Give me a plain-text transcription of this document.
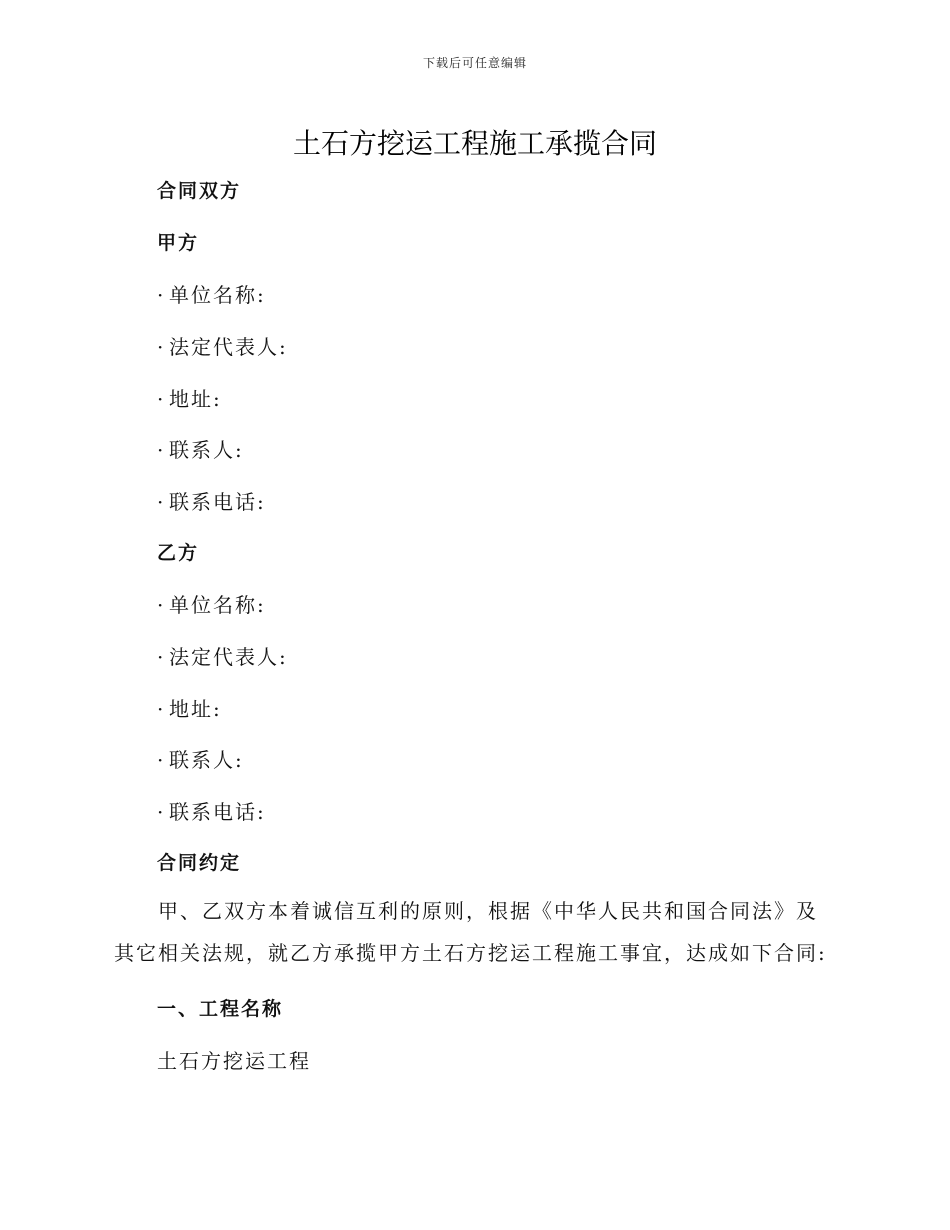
下载后可任意编辑
土石方挖运工程施工承揽合同
合同双方
甲方
· 单位名称:
· 法定代表人:
· 地址:
· 联系人:
· 联系电话:
乙方
· 单位名称:
· 法定代表人:
· 地址:
· 联系人:
· 联系电话:
合同约定
甲、乙双方本着诚信互利的原则，根据《中华人民共和国合同法》及其它相关法规，就乙方承揽甲方土石方挖运工程施工事宜，达成如下合同:
一、工程名称
土石方挖运工程
